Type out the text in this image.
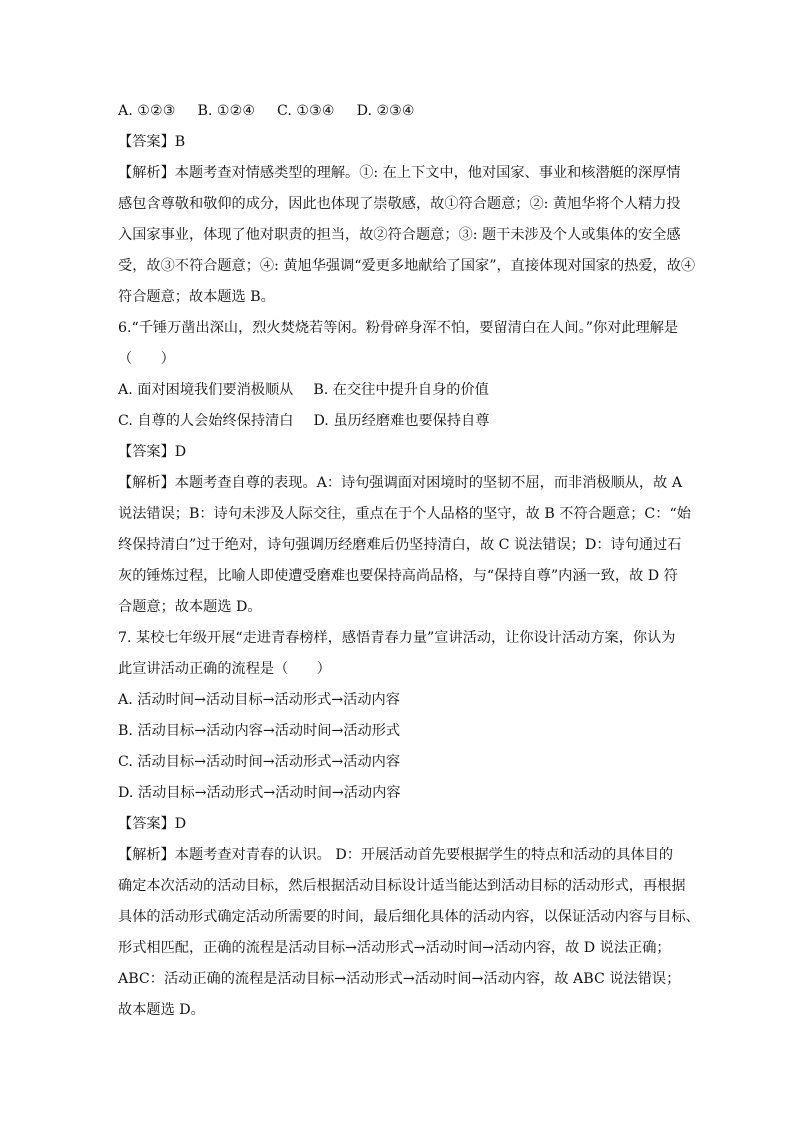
A. ①②③ B. ①②④ C. ①③④ D. ②③④
【答案】B
【解析】本题考查对情感类型的理解。①: 在上下文中，他对国家、事业和核潜艇的深厚情
感包含尊敬和敬仰的成分，因此也体现了崇敬感，故①符合题意；②: 黄旭华将个人精力投
入国家事业，体现了他对职责的担当，故②符合题意；③: 题干未涉及个人或集体的安全感
受，故③不符合题意；④: 黄旭华强调“爱更多地献给了国家”，直接体现对国家的热爱，故④
符合题意；故本题选 B。
6.“千锤万凿出深山，烈火焚烧若等闲。粉骨碎身浑不怕，要留清白在人间。”你对此理解是
（　　）
A. 面对困境我们要消极顺从 B. 在交往中提升自身的价值
C. 自尊的人会始终保持清白 D. 虽历经磨难也要保持自尊
【答案】D
【解析】本题考查自尊的表现。A：诗句强调面对困境时的坚韧不屈，而非消极顺从，故 A
说法错误；B：诗句未涉及人际交往，重点在于个人品格的坚守，故 B 不符合题意；C：“始
终保持清白”过于绝对，诗句强调历经磨难后仍坚持清白，故 C 说法错误；D：诗句通过石
灰的锤炼过程，比喻人即使遭受磨难也要保持高尚品格，与“保持自尊”内涵一致，故 D 符
合题意；故本题选 D。
7. 某校七年级开展“走进青春榜样，感悟青春力量”宣讲活动，让你设计活动方案，你认为
此宣讲活动正确的流程是（　　）
A. 活动时间→活动目标→活动形式→活动内容
B. 活动目标→活动内容→活动时间→活动形式
C. 活动目标→活动时间→活动形式→活动内容
D. 活动目标→活动形式→活动时间→活动内容
【答案】D
【解析】本题考查对青春的认识。 D：开展活动首先要根据学生的特点和活动的具体目的
确定本次活动的活动目标，然后根据活动目标设计适当能达到活动目标的活动形式，再根据
具体的活动形式确定活动所需要的时间，最后细化具体的活动内容，以保证活动内容与目标、
形式相匹配，正确的流程是活动目标→活动形式→活动时间→活动内容，故 D 说法正确；
ABC：活动正确的流程是活动目标→活动形式→活动时间→活动内容，故 ABC 说法错误；
故本题选 D。
